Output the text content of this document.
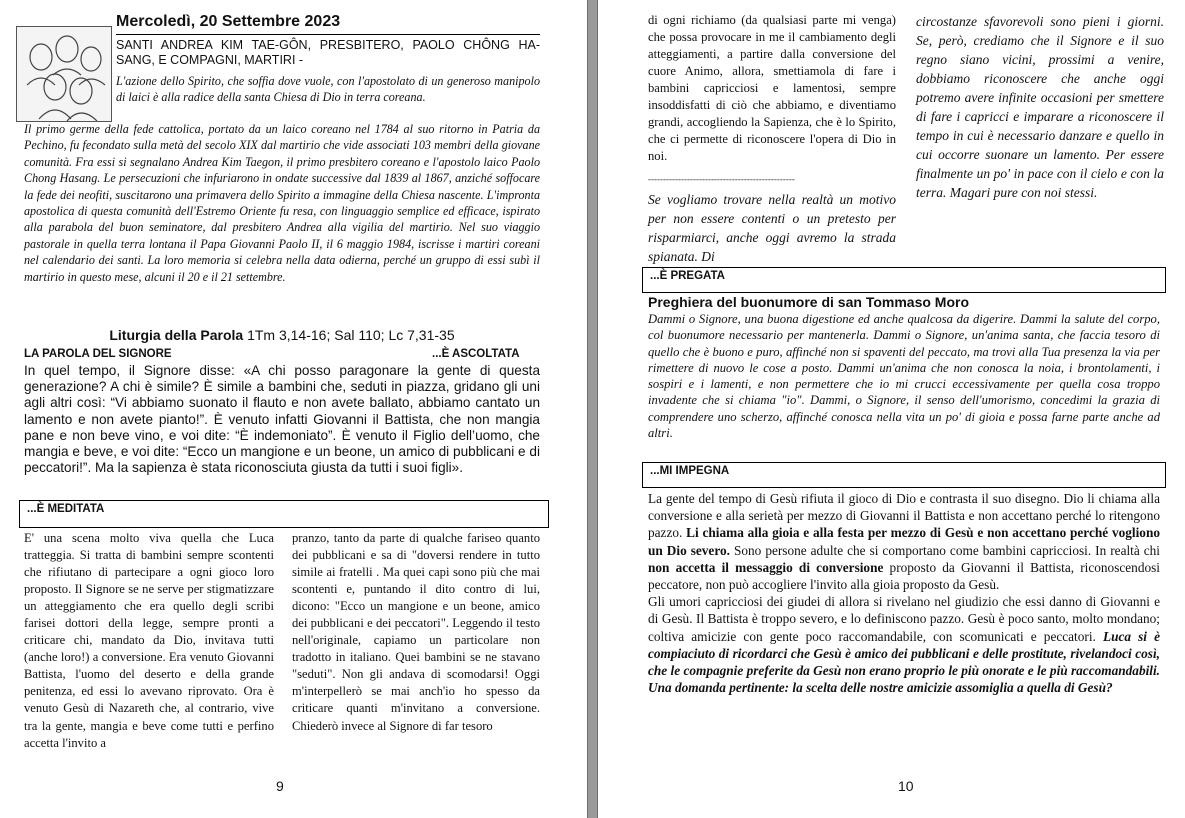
Mercoledì, 20 Settembre 2023
SANTI ANDREA KIM TAE-GÔN, PRESBITERO, PAOLO CHÔNG HA-SANG, E COMPAGNI, MARTIRI -
L'azione dello Spirito, che soffia dove vuole, con l'apostolato di un generoso manipolo di laici è alla radice della santa Chiesa di Dio in terra coreana.
Il primo germe della fede cattolica, portato da un laico coreano nel 1784 al suo ritorno in Patria da Pechino, fu fecondato sulla metà del secolo XIX dal martirio che vide associati 103 membri della giovane comunità. Fra essi si segnalano Andrea Kim Taegon, il primo presbitero coreano e l'apostolo laico Paolo Chong Hasang. Le persecuzioni che infuriarono in ondate successive dal 1839 al 1867, anziché soffocare la fede dei neofiti, suscitarono una primavera dello Spirito a immagine della Chiesa nascente. L'impronta apostolica di questa comunità dell'Estremo Oriente fu resa, con linguaggio semplice ed efficace, ispirato alla parabola del buon seminatore, dal presbitero Andrea alla vigilia del martirio. Nel suo viaggio pastorale in quella terra lontana il Papa Giovanni Paolo II, il 6 maggio 1984, iscrisse i martiri coreani nel calendario dei santi. La loro memoria si celebra nella data odierna, perché un gruppo di essi subì il martirio in questo mese, alcuni il 20 e il 21 settembre.
Liturgia della Parola 1Tm 3,14-16; Sal 110; Lc 7,31-35
LA PAROLA DEL SIGNORE	...È ASCOLTATA
In quel tempo, il Signore disse: «A chi posso paragonare la gente di questa generazione? A chi è simile? È simile a bambini che, seduti in piazza, gridano gli uni agli altri così: “Vi abbiamo suonato il flauto e non avete ballato, abbiamo cantato un lamento e non avete pianto!”. È venuto infatti Giovanni il Battista, che non mangia pane e non beve vino, e voi dite: “È indemoniato”. È venuto il Figlio dell’uomo, che mangia e beve, e voi dite: “Ecco un mangione e un beone, un amico di pubblicani e di peccatori!”. Ma la sapienza è stata riconosciuta giusta da tutti i suoi figli».
...È MEDITATA
E' una scena molto viva quella che Luca tratteggia. Si tratta di bambini sempre scontenti che rifiutano di partecipare a ogni gioco loro proposto. Il Signore se ne serve per stigmatizzare un atteggiamento che era quello degli scribi farisei dottori della legge, sempre pronti a criticare chi, mandato da Dio, invitava tutti (anche loro!) a conversione. Era venuto Giovanni Battista, l'uomo del deserto e della grande penitenza, ed essi lo avevano riprovato. Ora è venuto Gesù di Nazareth che, al contrario, vive tra la gente, mangia e beve come tutti e perfino accetta l'invito a
pranzo, tanto da parte di qualche fariseo quanto dei pubblicani e sa di "doversi rendere in tutto simile ai fratelli . Ma quei capi sono più che mai scontenti e, puntando il dito contro di lui, dicono: "Ecco un mangione e un beone, amico dei pubblicani e dei peccatori". Leggendo il testo nell'originale, capiamo un particolare non tradotto in italiano. Quei bambini se ne stavano "seduti". Non gli andava di scomodarsi! Oggi m'interpellerò se mai anch'io ho spesso da criticare quanti m'invitano a conversione. Chiederò invece al Signore di far tesoro
9
di ogni richiamo (da qualsiasi parte mi venga) che possa provocare in me il cambiamento degli atteggiamenti, a partire dalla conversione del cuore Animo, allora, smettiamola di fare i bambini capricciosi e lamentosi, sempre insoddisfatti di ciò che abbiamo, e diventiamo grandi, accogliendo la Sapienza, che è lo Spirito, che ci permette di riconoscere l'opera di Dio in noi.
-------------------------------------------------
Se vogliamo trovare nella realtà un motivo per non essere contenti o un pretesto per risparmiarci, anche oggi avremo la strada spianata. Di
circostanze sfavorevoli sono pieni i giorni. Se, però, crediamo che il Signore e il suo regno siano vicini, prossimi a venire, dobbiamo riconoscere che anche oggi potremo avere infinite occasioni per smettere di fare i capricci e imparare a riconoscere il tempo in cui è necessario danzare e quello in cui occorre suonare un lamento. Per essere finalmente un po' in pace con il cielo e con la terra. Magari pure con noi stessi.
...È PREGATA
Preghiera del buonumore di san Tommaso Moro
Dammi o Signore, una buona digestione ed anche qualcosa da digerire. Dammi la salute del corpo, col buonumore necessario per mantenerla. Dammi o Signore, un'anima santa, che faccia tesoro di quello che è buono e puro, affinché non si spaventi del peccato, ma trovi alla Tua presenza la via per rimettere di nuovo le cose a posto. Dammi un'anima che non conosca la noia, i brontolamenti, i sospiri e i lamenti, e non permettere che io mi crucci eccessivamente per quella cosa troppo invadente che si chiama "io". Dammi, o Signore, il senso dell'umorismo, concedimi la grazia di comprendere uno scherzo, affinché conosca nella vita un po' di gioia e possa farne parte anche ad altri.
...MI IMPEGNA
La gente del tempo di Gesù rifiuta il gioco di Dio e contrasta il suo disegno. Dio li chiama alla conversione e alla serietà per mezzo di Giovanni il Battista e non accettano perché lo ritengono pazzo. Li chiama alla gioia e alla festa per mezzo di Gesù e non accettano perché vogliono un Dio severo. Sono persone adulte che si comportano come bambini capricciosi. In realtà chi non accetta il messaggio di conversione proposto da Giovanni il Battista, riconoscendosi peccatore, non può accogliere l'invito alla gioia proposto da Gesù.
Gli umori capricciosi dei giudei di allora si rivelano nel giudizio che essi danno di Giovanni e di Gesù. Il Battista è troppo severo, e lo definiscono pazzo. Gesù è poco santo, molto mondano; coltiva amicizie con gente poco raccomandabile, con scomunicati e peccatori. Luca si è compiaciuto di ricordarci che Gesù è amico dei pubblicani e delle prostitute, rivelandoci così, che le compagnie preferite da Gesù non erano proprio le più onorate e le più raccomandabili. Una domanda pertinente: la scelta delle nostre amicizie assomiglia a quella di Gesù?
10
